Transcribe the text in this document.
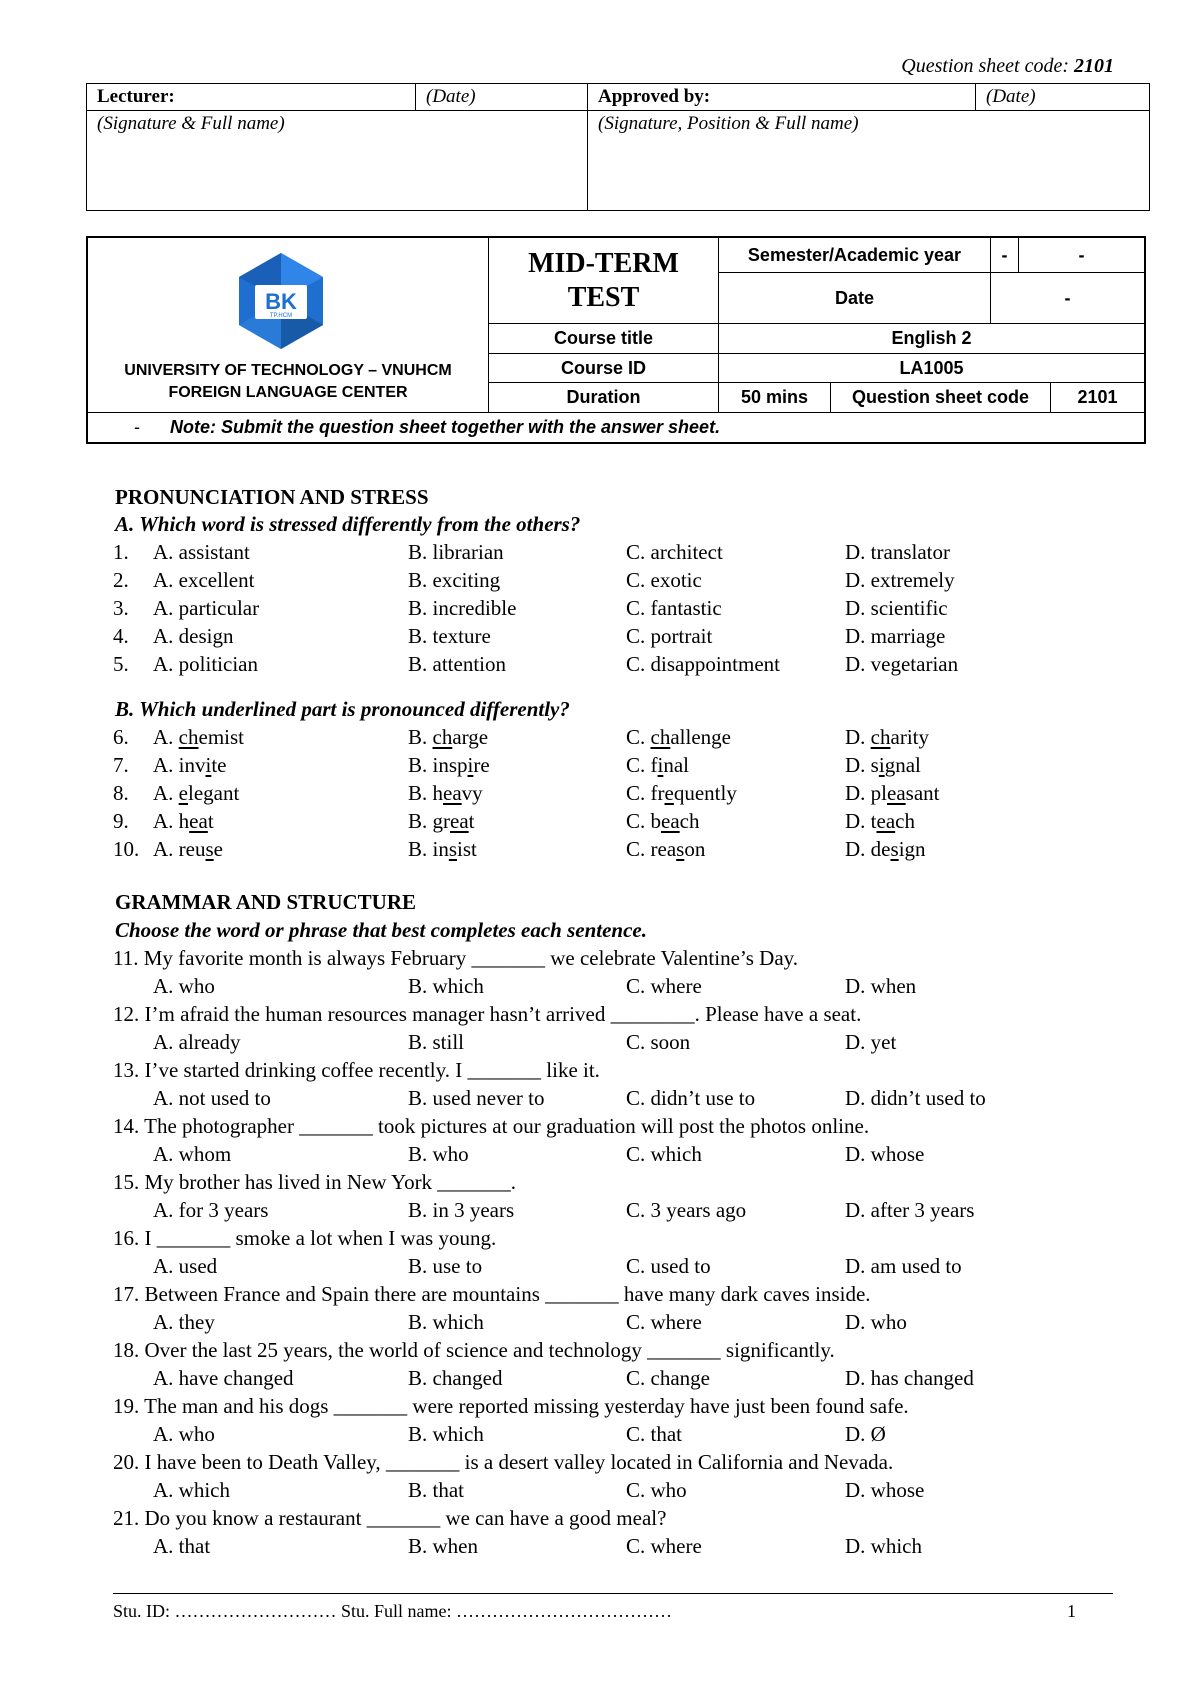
Question sheet code: 2101
Lecturer:	(Date)	Approved by:	(Date)
(Signature & Full name)		(Signature, Position & Full name)	
UNIVERSITY OF TECHNOLOGY – VNUHCM
FOREIGN LANGUAGE CENTER
MID-TERM
TEST
Semester/Academic year	-	-
Date	-
Course title	English 2
Course ID	LA1005
Duration	50 mins	Question sheet code	2101
- Note: Submit the question sheet together with the answer sheet.
BK
TP.HCM
PRONUNCIATION AND STRESS
A. Which word is stressed differently from the others?
1.	A. assistant	B. librarian	C. architect	D. translator
2.	A. excellent	B. exciting	C. exotic	D. extremely
3.	A. particular	B. incredible	C. fantastic	D. scientific
4.	A. design	B. texture	C. portrait	D. marriage
5.	A. politician	B. attention	C. disappointment	D. vegetarian
B. Which underlined part is pronounced differently?
6.	A. chemist	B. charge	C. challenge	D. charity
7.	A. invite	B. inspire	C. final	D. signal
8.	A. elegant	B. heavy	C. frequently	D. pleasant
9.	A. heat	B. great	C. beach	D. teach
10. A. reuse	B. insist	C. reason	D. design
GRAMMAR AND STRUCTURE
Choose the word or phrase that best completes each sentence.
11. My favorite month is always February _______ we celebrate Valentine’s Day.
A. who	B. which	C. where	D. when
12. I’m afraid the human resources manager hasn’t arrived ________. Please have a seat.
A. already	B. still	C. soon	D. yet
13. I’ve started drinking coffee recently. I _______ like it.
A. not used to	B. used never to	C. didn’t use to	D. didn’t used to
14. The photographer _______ took pictures at our graduation will post the photos online.
A. whom	B. who	C. which	D. whose
15. My brother has lived in New York _______.
A. for 3 years	B. in 3 years	C. 3 years ago	D. after 3 years
16. I _______ smoke a lot when I was young.
A. used	B. use to	C. used to	D. am used to
17. Between France and Spain there are mountains _______ have many dark caves inside.
A. they	B. which	C. where	D. who
18. Over the last 25 years, the world of science and technology _______ significantly.
A. have changed	B. changed	C. change	D. has changed
19. The man and his dogs _______ were reported missing yesterday have just been found safe.
A. who	B. which	C. that	D. Ø
20. I have been to Death Valley, _______ is a desert valley located in California and Nevada.
A. which	B. that	C. who	D. whose
21. Do you know a restaurant _______ we can have a good meal?
A. that	B. when	C. where	D. which
Stu. ID: ……………………… Stu. Full name: ………………………………	1
